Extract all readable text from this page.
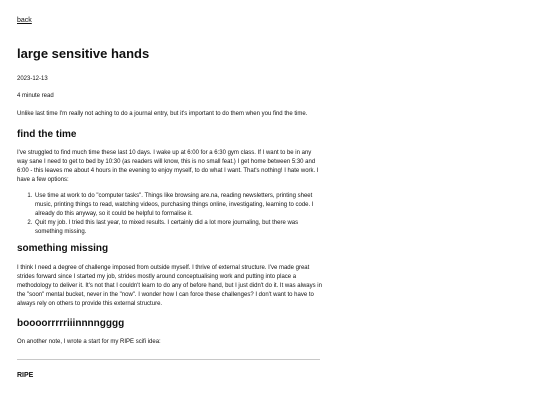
back
large sensitive hands
2023-12-13
4 minute read

Unlike last time I'm really not aching to do a journal entry, but it's important to do them when you find the time.

find the time

I've struggled to find much time these last 10 days. I wake up at 6:00 for a 6:30 gym class. If I want to be in any way sane I need to get to bed by 10:30 (as readers will know, this is no small feat.) I get home between 5:30 and 6:00 - this leaves me about 4 hours in the evening to enjoy myself, to do what I want. That's nothing! I hate work. I have a few options:

1. Use time at work to do "computer tasks". Things like browsing are.na, reading newsletters, printing sheet music, printing things to read, watching videos, purchasing things online, investigating, learning to code. I already do this anyway, so it could be helpful to formalise it.
2. Quit my job. I tried this last year, to mixed results. I certainly did a lot more journaling, but there was something missing.
something missing

I think I need a degree of challenge imposed from outside myself. I thrive of external structure. I've made great strides forward since I started my job, strides mostly around conceptualising work and putting into place a methodology to deliver it. It's not that I couldn't learn to do any of before hand, but I just didn't do it. It was always in the "soon" mental bucket, never in the "now". I wonder how I can force these challenges? I don't want to have to always rely on others to provide this external structure.

boooorrrrriiinnnngggg

On another note, I wrote a start for my RIPE scifi idea:

RIPE
